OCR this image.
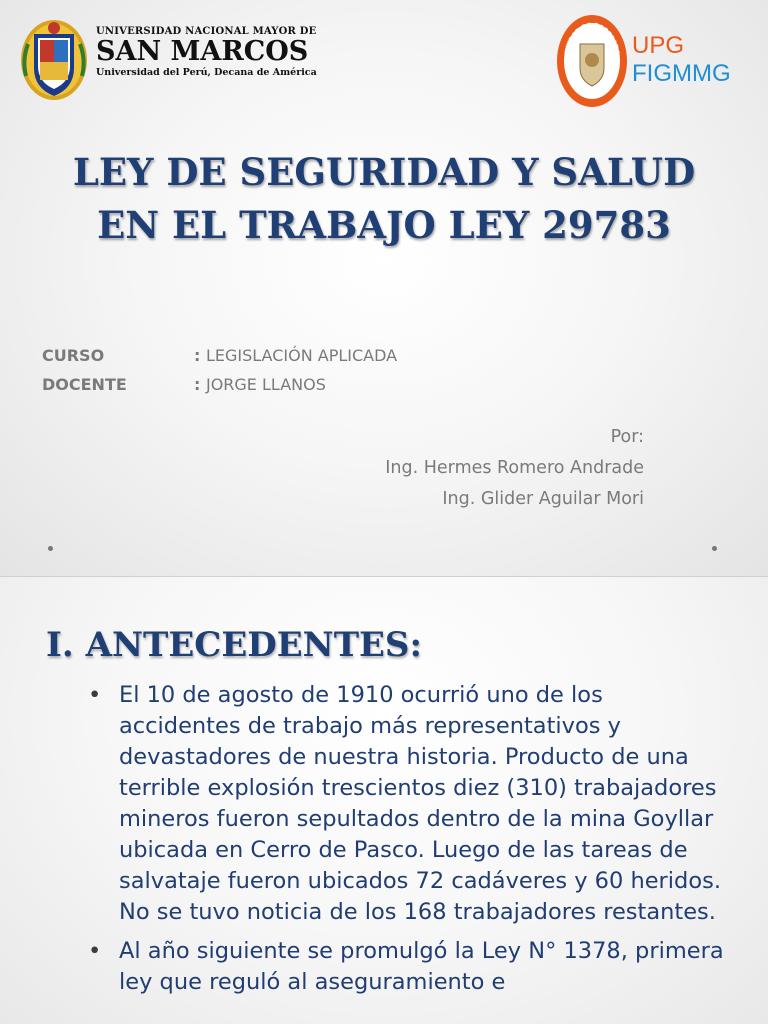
UNIVERSIDAD NACIONAL MAYOR DE
SAN MARCOS
Universidad del Perú, Decana de América
UNIDAD DE POSGRADO UPG
FIGMMG
LEY DE SEGURIDAD Y SALUD EN EL TRABAJO LEY 29783
CURSO	: LEGISLACIÓN APLICADA
DOCENTE	: JORGE LLANOS
Por:
Ing. Hermes Romero Andrade
Ing. Glider Aguilar Mori
I. ANTECEDENTES:
• El 10 de agosto de 1910 ocurrió uno de los accidentes de trabajo más representativos y devastadores de nuestra historia. Producto de una terrible explosión trescientos diez (310) trabajadores mineros fueron sepultados dentro de la mina Goyllar ubicada en Cerro de Pasco. Luego de las tareas de salvataje fueron ubicados 72 cadáveres y 60 heridos. No se tuvo noticia de los 168 trabajadores restantes.
• Al año siguiente se promulgó la Ley N° 1378, primera ley que reguló al aseguramiento e
